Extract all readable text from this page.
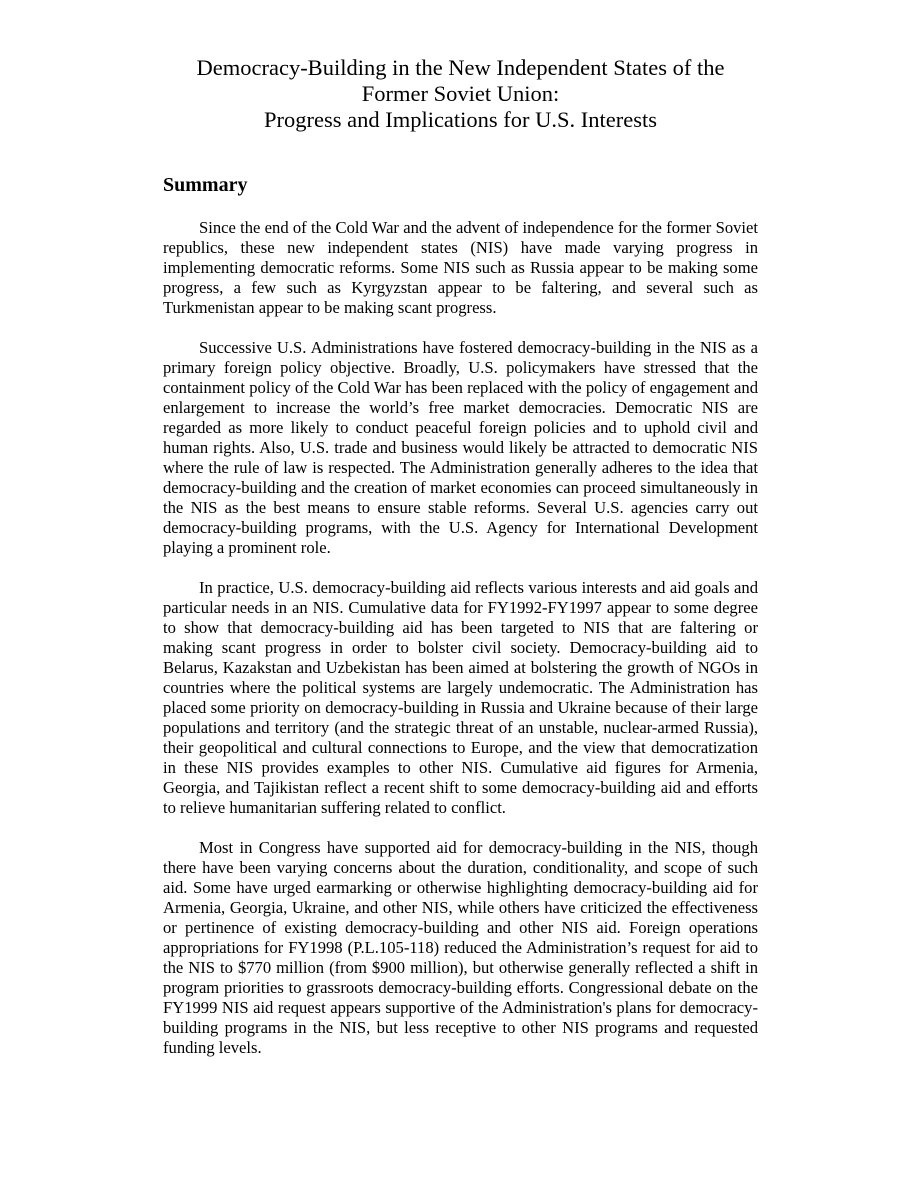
Democracy-Building in the New Independent States of the
Former Soviet Union:
Progress and Implications for U.S. Interests
Summary

Since the end of the Cold War and the advent of independence for the former Soviet republics, these new independent states (NIS) have made varying progress in implementing democratic reforms. Some NIS such as Russia appear to be making some progress, a few such as Kyrgyzstan appear to be faltering, and several such as Turkmenistan appear to be making scant progress.

Successive U.S. Administrations have fostered democracy-building in the NIS as a primary foreign policy objective. Broadly, U.S. policymakers have stressed that the containment policy of the Cold War has been replaced with the policy of engagement and enlargement to increase the world’s free market democracies. Democratic NIS are regarded as more likely to conduct peaceful foreign policies and to uphold civil and human rights. Also, U.S. trade and business would likely be attracted to democratic NIS where the rule of law is respected. The Administration generally adheres to the idea that democracy-building and the creation of market economies can proceed simultaneously in the NIS as the best means to ensure stable reforms. Several U.S. agencies carry out democracy-building programs, with the U.S. Agency for International Development playing a prominent role.

In practice, U.S. democracy-building aid reflects various interests and aid goals and particular needs in an NIS. Cumulative data for FY1992-FY1997 appear to some degree to show that democracy-building aid has been targeted to NIS that are faltering or making scant progress in order to bolster civil society. Democracy-building aid to Belarus, Kazakstan and Uzbekistan has been aimed at bolstering the growth of NGOs in countries where the political systems are largely undemocratic. The Administration has placed some priority on democracy-building in Russia and Ukraine because of their large populations and territory (and the strategic threat of an unstable, nuclear-armed Russia), their geopolitical and cultural connections to Europe, and the view that democratization in these NIS provides examples to other NIS. Cumulative aid figures for Armenia, Georgia, and Tajikistan reflect a recent shift to some democracy-building aid and efforts to relieve humanitarian suffering related to conflict.

Most in Congress have supported aid for democracy-building in the NIS, though there have been varying concerns about the duration, conditionality, and scope of such aid. Some have urged earmarking or otherwise highlighting democracy-building aid for Armenia, Georgia, Ukraine, and other NIS, while others have criticized the effectiveness or pertinence of existing democracy-building and other NIS aid. Foreign operations appropriations for FY1998 (P.L.105-118) reduced the Administration’s request for aid to the NIS to $770 million (from $900 million), but otherwise generally reflected a shift in program priorities to grassroots democracy-building efforts. Congressional debate on the FY1999 NIS aid request appears supportive of the Administration's plans for democracy-building programs in the NIS, but less receptive to other NIS programs and requested funding levels.
